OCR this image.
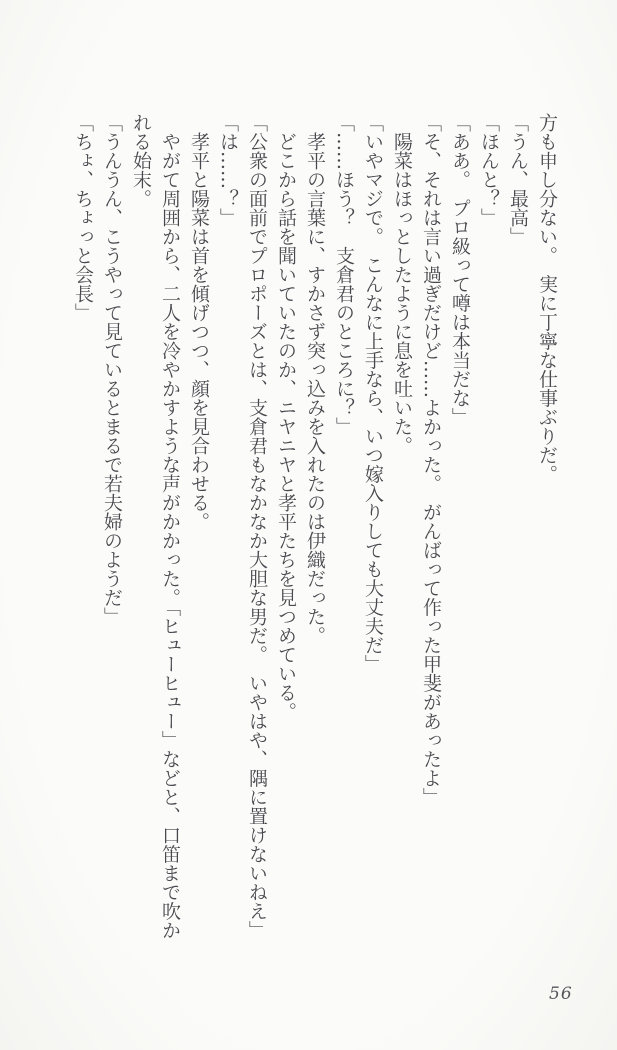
方も申し分ない。　実に丁寧な仕事ぶりだ。

「うん、最高」

「ほんと？」

「ああ。　プロ級って噂は本当だな」

「そ、それは言い過ぎだけど……よかった。　がんばって作った甲斐があったよ」

　陽菜はほっとしたように息を吐いた。

「いやマジで。　こんなに上手なら、いつ嫁入りしても大丈夫だ」

「……ほう？　支倉君のところに？」

　孝平の言葉に、すかさず突っ込みを入れたのは伊織だった。

　どこから話を聞いていたのか、ニヤニヤと孝平たちを見つめている。

「公衆の面前でプロポーズとは、支倉君もなかなか大胆な男だ。　いやはや、隅に置けないねえ」

「は……？」

　孝平と陽菜は首を傾げつつ、顔を見合わせる。

　やがて周囲から、二人を冷やかすような声がかかった。「ヒューヒュー」などと、口笛まで吹かれる始末。

「うんうん、こうやって見ているとまるで若夫婦のようだ」

「ちょ、ちょっと会長」

56
